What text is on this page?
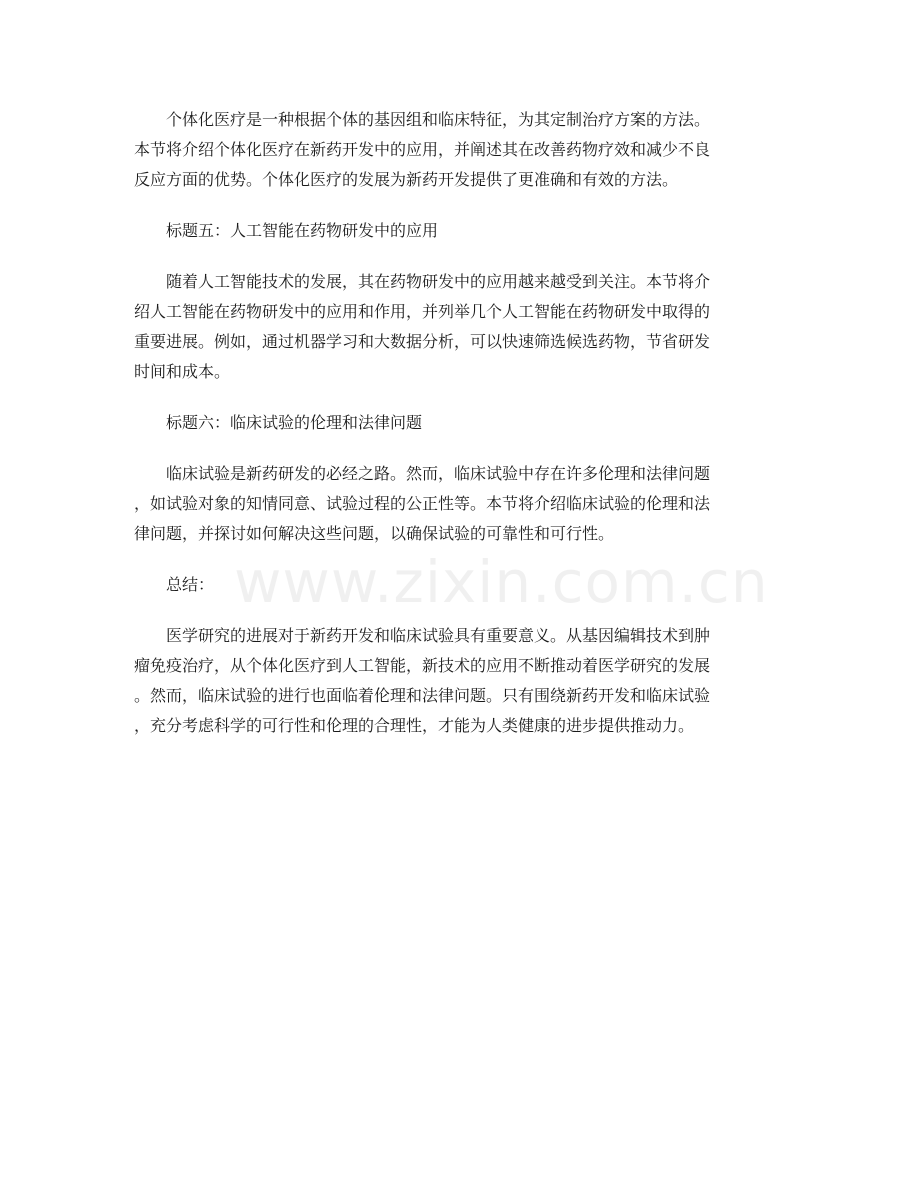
个体化医疗是一种根据个体的基因组和临床特征，为其定制治疗方案的方法。
本节将介绍个体化医疗在新药开发中的应用，并阐述其在改善药物疗效和减少不良
反应方面的优势。个体化医疗的发展为新药开发提供了更准确和有效的方法。

标题五：人工智能在药物研发中的应用

随着人工智能技术的发展，其在药物研发中的应用越来越受到关注。本节将介
绍人工智能在药物研发中的应用和作用，并列举几个人工智能在药物研发中取得的
重要进展。例如，通过机器学习和大数据分析，可以快速筛选候选药物，节省研发
时间和成本。

标题六：临床试验的伦理和法律问题

临床试验是新药研发的必经之路。然而，临床试验中存在许多伦理和法律问题
，如试验对象的知情同意、试验过程的公正性等。本节将介绍临床试验的伦理和法
律问题，并探讨如何解决这些问题，以确保试验的可靠性和可行性。

总结：

医学研究的进展对于新药开发和临床试验具有重要意义。从基因编辑技术到肿
瘤免疫治疗，从个体化医疗到人工智能，新技术的应用不断推动着医学研究的发展
。然而，临床试验的进行也面临着伦理和法律问题。只有围绕新药开发和临床试验
，充分考虑科学的可行性和伦理的合理性，才能为人类健康的进步提供推动力。

www.zixin.com.cn
